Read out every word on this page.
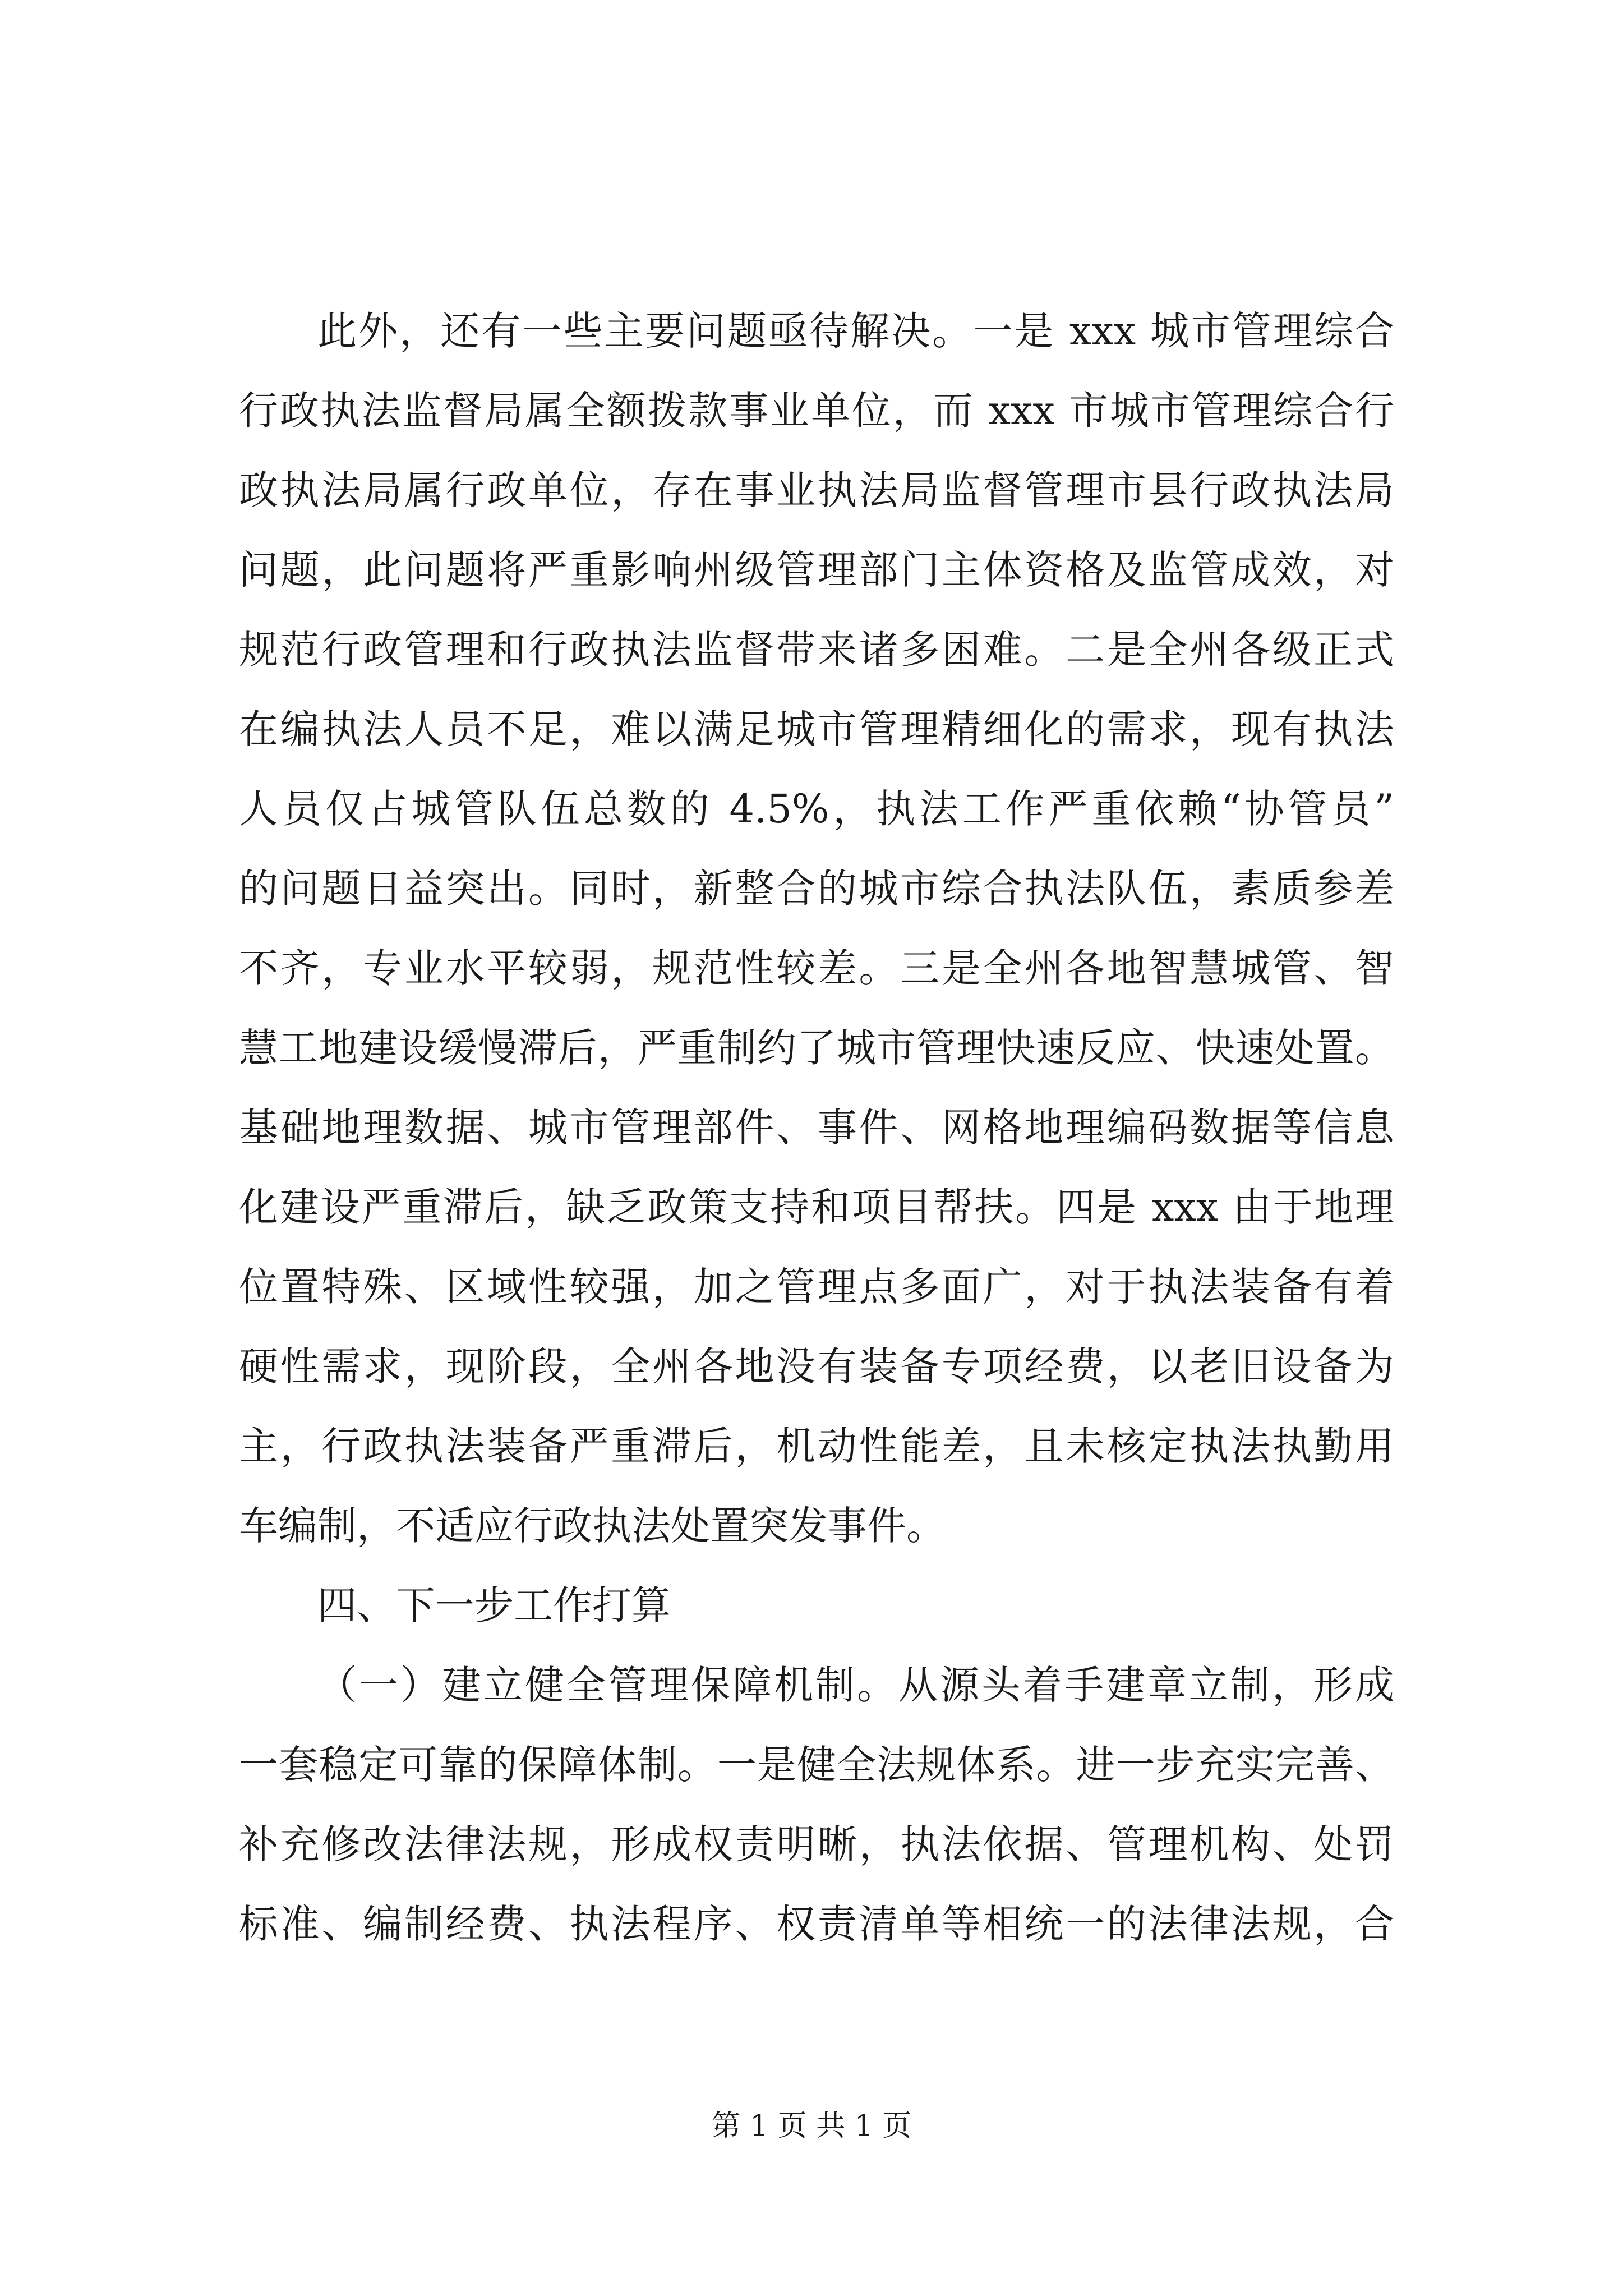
此外，还有一些主要问题亟待解决。一是 xxx 城市管理综合
行政执法监督局属全额拨款事业单位，而 xxx 市城市管理综合行
政执法局属行政单位，存在事业执法局监督管理市县行政执法局
问题，此问题将严重影响州级管理部门主体资格及监管成效，对
规范行政管理和行政执法监督带来诸多困难。二是全州各级正式
在编执法人员不足，难以满足城市管理精细化的需求，现有执法
人员仅占城管队伍总数的 4.5%，执法工作严重依赖“协管员”
的问题日益突出。同时，新整合的城市综合执法队伍，素质参差
不齐，专业水平较弱，规范性较差。三是全州各地智慧城管、智
慧工地建设缓慢滞后，严重制约了城市管理快速反应、快速处置。
基础地理数据、城市管理部件、事件、网格地理编码数据等信息
化建设严重滞后，缺乏政策支持和项目帮扶。四是 xxx 由于地理
位置特殊、区域性较强，加之管理点多面广，对于执法装备有着
硬性需求，现阶段，全州各地没有装备专项经费，以老旧设备为
主，行政执法装备严重滞后，机动性能差，且未核定执法执勤用
车编制，不适应行政执法处置突发事件。
四、下一步工作打算
（一）建立健全管理保障机制。从源头着手建章立制，形成
一套稳定可靠的保障体制。一是健全法规体系。进一步充实完善、
补充修改法律法规，形成权责明晰，执法依据、管理机构、处罚
标准、编制经费、执法程序、权责清单等相统一的法律法规，合
第 1 页 共 1 页
